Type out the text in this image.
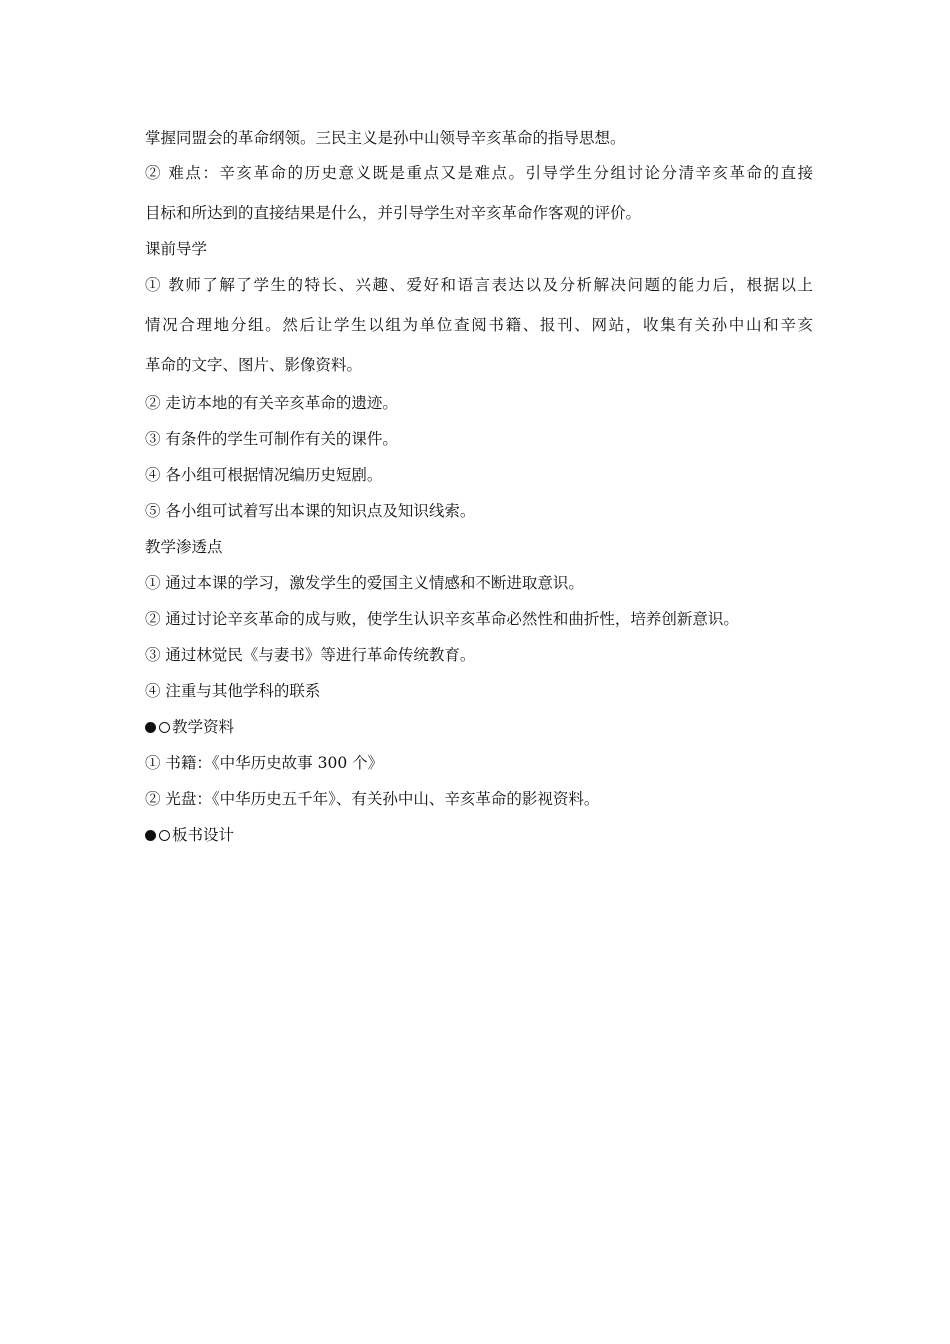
掌握同盟会的革命纲领。三民主义是孙中山领导辛亥革命的指导思想。
② 难点：辛亥革命的历史意义既是重点又是难点。引导学生分组讨论分清辛亥革命的直接
目标和所达到的直接结果是什么，并引导学生对辛亥革命作客观的评价。
课前导学
① 教师了解了学生的特长、兴趣、爱好和语言表达以及分析解决问题的能力后，根据以上
情况合理地分组。然后让学生以组为单位查阅书籍、报刊、网站，收集有关孙中山和辛亥
革命的文字、图片、影像资料。
② 走访本地的有关辛亥革命的遗迹。
③ 有条件的学生可制作有关的课件。
④ 各小组可根据情况编历史短剧。
⑤ 各小组可试着写出本课的知识点及知识线索。
教学渗透点
① 通过本课的学习，激发学生的爱国主义情感和不断进取意识。
② 通过讨论辛亥革命的成与败，使学生认识辛亥革命必然性和曲折性，培养创新意识。
③ 通过林觉民《与妻书》等进行革命传统教育。
④ 注重与其他学科的联系
教学资料
① 书籍：《中华历史故事 300 个》
② 光盘：《中华历史五千年》、有关孙中山、辛亥革命的影视资料。
板书设计
